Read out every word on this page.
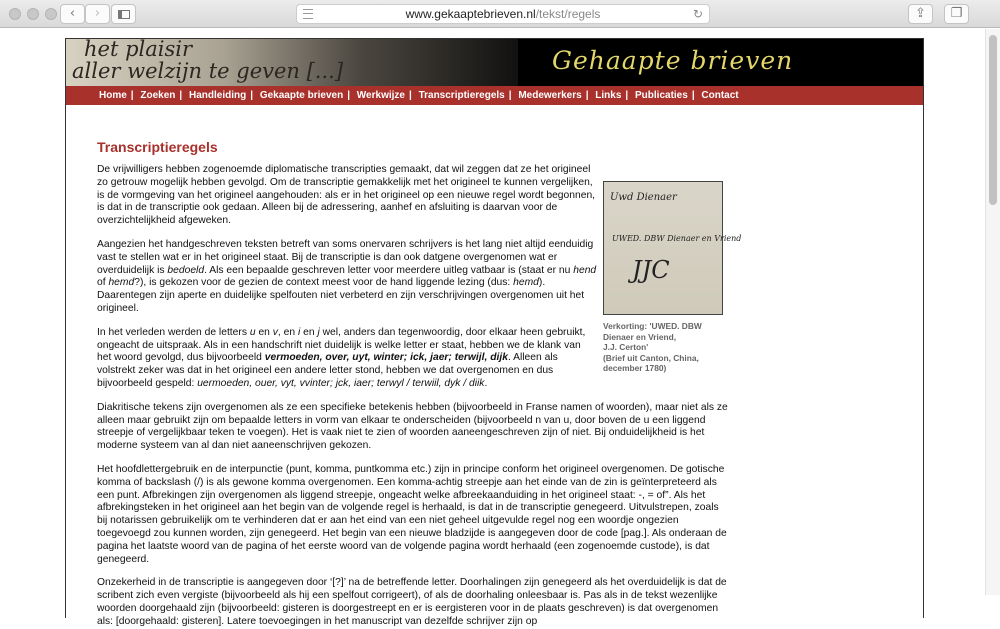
‹	›	www.gekaaptebrieven.nl/tekst/regels	↻	⇪	❐
het plaisir
aller welzijn te geven [...]	Gehaapte brieven
Home | Zoeken | Handleiding | Gekaapte brieven | Werkwijze | Transcriptieregels | Medewerkers | Links | Publicaties | Contact
Transcriptieregels

De vrijwilligers hebben zogenoemde diplomatische transcripties gemaakt, dat wil zeggen dat ze het origineel zo getrouw mogelijk hebben gevolgd. Om de transcriptie gemakkelijk met het origineel te kunnen vergelijken, is de vormgeving van het origineel aangehouden: als er in het origineel op een nieuwe regel wordt begonnen, is dat in de transcriptie ook gedaan. Alleen bij de adressering, aanhef en afsluiting is daarvan voor de overzichtelijkheid afgeweken.

Aangezien het handgeschreven teksten betreft van soms onervaren schrijvers is het lang niet altijd eenduidig vast te stellen wat er in het origineel staat. Bij de transcriptie is dan ook datgene overgenomen wat er overduidelijk is bedoeld. Als een bepaalde geschreven letter voor meerdere uitleg vatbaar is (staat er nu hend of hemd?), is gekozen voor de gezien de context meest voor de hand liggende lezing (dus: hemd). Daarentegen zijn aperte en duidelijke spelfouten niet verbeterd en zijn verschrijvingen overgenomen uit het origineel.

In het verleden werden de letters u en v, en i en j wel, anders dan tegenwoordig, door elkaar heen gebruikt, ongeacht de uitspraak. Als in een handschrift niet duidelijk is welke letter er staat, hebben we de klank van het woord gevolgd, dus bijvoorbeeld vermoeden, over, uyt, winter; ick, jaer; terwijl, dijk. Alleen als volstrekt zeker was dat in het origineel een andere letter stond, hebben we dat overgenomen en dus bijvoorbeeld gespeld: uermoeden, ouer, vyt, vvinter; jck, iaer; terwyl / terwiil, dyk / diik.

Diakritische tekens zijn overgenomen als ze een specifieke betekenis hebben (bijvoorbeeld in Franse namen of woorden), maar niet als ze alleen maar gebruikt zijn om bepaalde letters in vorm van elkaar te onderscheiden (bijvoorbeeld n van u, door boven de u een liggend streepje of vergelijkbaar teken te voegen). Het is vaak niet te zien of woorden aaneengeschreven zijn of niet. Bij onduidelijkheid is het moderne systeem van al dan niet aaneenschrijven gekozen.

Het hoofdlettergebruik en de interpunctie (punt, komma, puntkomma etc.) zijn in principe conform het origineel overgenomen. De gotische komma of backslash (/) is als gewone komma overgenomen. Een komma-achtig streepje aan het einde van de zin is geïnterpreteerd als een punt. Afbrekingen zijn overgenomen als liggend streepje, ongeacht welke afbreekaanduiding in het origineel staat: -, = of”. Als het afbrekingsteken in het origineel aan het begin van de volgende regel is herhaald, is dat in de transcriptie genegeerd. Uitvulstrepen, zoals bij notarissen gebruikelijk om te verhinderen dat er aan het eind van een niet geheel uitgevulde regel nog een woordje ongezien toegevoegd zou kunnen worden, zijn genegeerd. Het begin van een nieuwe bladzijde is aangegeven door de code [pag.]. Als onderaan de pagina het laatste woord van de pagina of het eerste woord van de volgende pagina wordt herhaald (een zogenoemde custode), is dat genegeerd.

Onzekerheid in de transcriptie is aangegeven door ‘[?]’ na de betreffende letter. Doorhalingen zijn genegeerd als het overduidelijk is dat de scribent zich even vergiste (bijvoorbeeld als hij een spelfout corrigeert), of als de doorhaling onleesbaar is. Pas als in de tekst wezenlijke woorden doorgehaald zijn (bijvoorbeeld: gisteren is doorgestreept en er is eergisteren voor in de plaats geschreven) is dat overgenomen als: [doorgehaald: gisteren]. Latere toevoegingen in het manuscript van dezelfde schrijver zijn op

Uwd Dienaer
UWED. DBW Dienaer en Vriend
JJC
Verkorting: 'UWED. DBW Dienaer en Vriend,
J.J. Certon'
(Brief uit Canton, China, december 1780)
